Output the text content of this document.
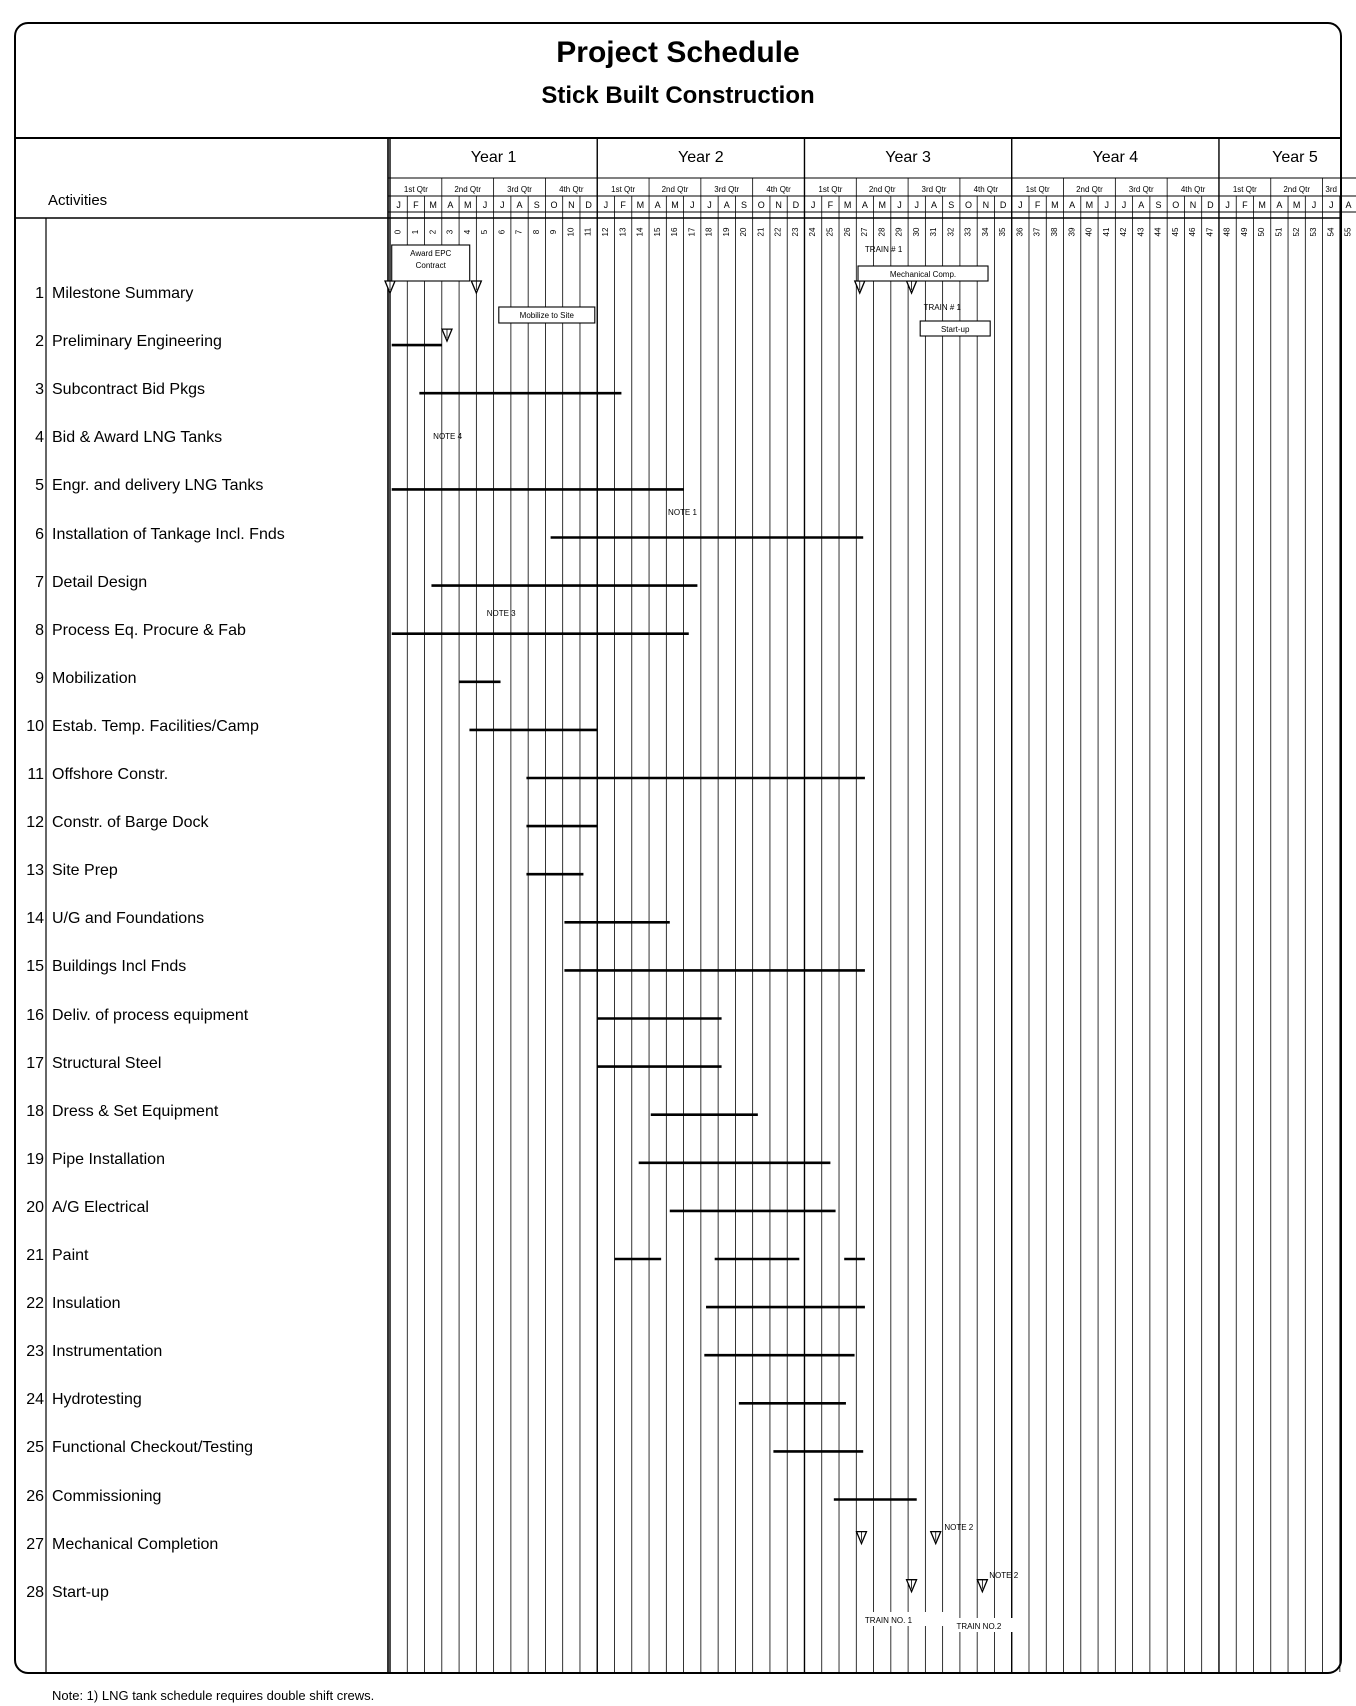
Year 1	Year 2	Year 3	Year 4	Year 5
1st Qtr	2nd Qtr	3rd Qtr	4th Qtr	1st Qtr	2nd Qtr	3rd Qtr	4th Qtr	1st Qtr	2nd Qtr	3rd Qtr	4th Qtr	1st Qtr	2nd Qtr	3rd Qtr	4th Qtr	1st Qtr	2nd Qtr 3rd
J F M A M J J A S O N D J F M A M J J A S O N D J F M A M J J A S O N D J F M A M J J A S O N D J F M A M J J A
0 1 2 3 4 5 6 7 8 9 10 11 12 13 14 15 16 17 18 19 20 21 22 23 24 25 26 27 28 29 30 31 32 33 34 35 36 37 38 39 40 41 42 43 44 45 46 47 48 49 50 51 52 53 54 55
Award EPC
Contract
Mobilize to Site
TRAIN # 1
Mechanical Comp.
TRAIN # 1
Start-up
NOTE 1
NOTE 4
NOTE 3
NOTE 2
NOTE 2
TRAIN NO. 1
TRAIN NO.2
Project Schedule
Stick Built Construction
Activities
1 Milestone Summary
2 Preliminary Engineering
3 Subcontract Bid Pkgs
4 Bid & Award LNG Tanks
5 Engr. and delivery LNG Tanks
6 Installation of Tankage Incl. Fnds
7 Detail Design
8 Process Eq. Procure & Fab
9 Mobilization
10 Estab. Temp. Facilities/Camp
11 Offshore Constr.
12 Constr. of Barge Dock
13 Site Prep
14 U/G and Foundations
15 Buildings Incl Fnds
16 Deliv. of process equipment
17 Structural Steel
18 Dress & Set Equipment
19 Pipe Installation
20 A/G Electrical
21 Paint
22 Insulation
23 Instrumentation
24 Hydrotesting
25 Functional Checkout/Testing
26 Commissioning
27 Mechanical Completion
28 Start-up
Note: 1) LNG tank schedule requires double shift crews.
